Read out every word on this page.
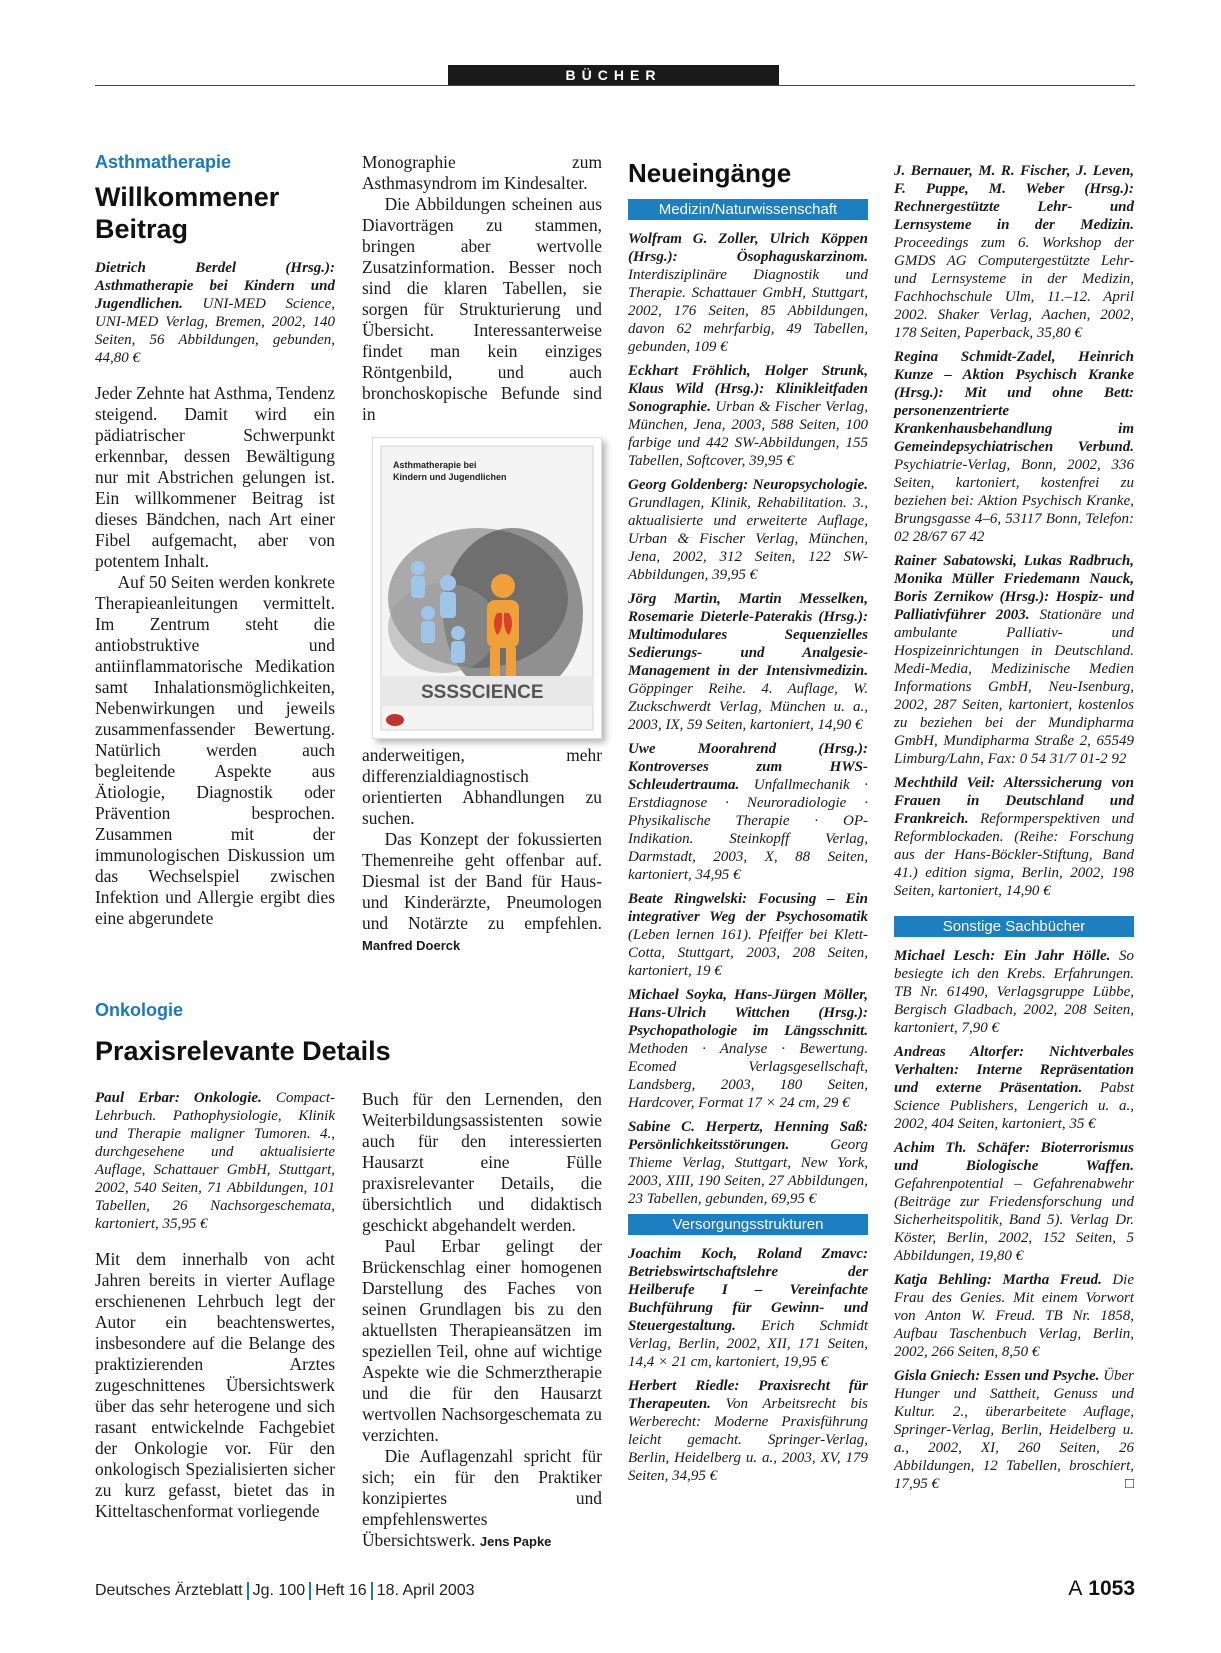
BÜCHER

Asthmatherapie

Willkommener Beitrag

Dietrich Berdel (Hrsg.): Asthmatherapie bei Kindern und Jugendlichen. UNI-MED Science, UNI-MED Verlag, Bremen, 2002, 140 Seiten, 56 Abbildungen, gebunden, 44,80 €

Jeder Zehnte hat Asthma, Tendenz steigend. Damit wird ein pädiatrischer Schwerpunkt erkennbar, dessen Bewältigung nur mit Abstrichen gelungen ist. Ein willkommener Beitrag ist dieses Bändchen, nach Art einer Fibel aufgemacht, aber von potentem Inhalt.

Auf 50 Seiten werden konkrete Therapieanleitungen vermittelt. Im Zentrum steht die antiobstruktive und antiinflammatorische Medikation samt Inhalationsmöglichkeiten, Nebenwirkungen und jeweils zusammenfassender Bewertung. Natürlich werden auch begleitende Aspekte aus Ätiologie, Diagnostik oder Prävention besprochen. Zusammen mit der immunologischen Diskussion um das Wechselspiel zwischen Infektion und Allergie ergibt dies eine abgerundete

Monographie zum Asthmasyndrom im Kindesalter.

Die Abbildungen scheinen aus Diavorträgen zu stammen, bringen aber wertvolle Zusatzinformation. Besser noch sind die klaren Tabellen, sie sorgen für Strukturierung und Übersicht. Interessanterweise findet man kein einziges Röntgenbild, und auch bronchoskopische Befunde sind in

Asthmatherapie bei Kindern und Jugendlichen
SSSSCIENCE

anderweitigen, mehr differenzialdiagnostisch orientierten Abhandlungen zu suchen.

Das Konzept der fokussierten Themenreihe geht offenbar auf. Diesmal ist der Band für Haus- und Kinderärzte, Pneumologen und Notärzte zu empfehlen. Manfred Doerck

Onkologie

Praxisrelevante Details

Paul Erbar: Onkologie. Compact-Lehrbuch. Pathophysiologie, Klinik und Therapie maligner Tumoren. 4., durchgesehene und aktualisierte Auflage, Schattauer GmbH, Stuttgart, 2002, 540 Seiten, 71 Abbildungen, 101 Tabellen, 26 Nachsorgeschemata, kartoniert, 35,95 €

Mit dem innerhalb von acht Jahren bereits in vierter Auflage erschienenen Lehrbuch legt der Autor ein beachtenswertes, insbesondere auf die Belange des praktizierenden Arztes zugeschnittenes Übersichtswerk über das sehr heterogene und sich rasant entwickelnde Fachgebiet der Onkologie vor. Für den onkologisch Spezialisierten sicher zu kurz gefasst, bietet das in Kitteltaschenformat vorliegende

Buch für den Lernenden, den Weiterbildungsassistenten sowie auch für den interessierten Hausarzt eine Fülle praxisrelevanter Details, die übersichtlich und didaktisch geschickt abgehandelt werden.

Paul Erbar gelingt der Brückenschlag einer homogenen Darstellung des Faches von seinen Grundlagen bis zu den aktuellsten Therapieansätzen im speziellen Teil, ohne auf wichtige Aspekte wie die Schmerztherapie und die für den Hausarzt wertvollen Nachsorgeschemata zu verzichten.

Die Auflagenzahl spricht für sich; ein für den Praktiker konzipiertes und empfehlenswertes Übersichtswerk. Jens Papke

Neueingänge
Medizin/Naturwissenschaft

Wolfram G. Zoller, Ulrich Köppen (Hrsg.): Ösophaguskarzinom. Interdisziplinäre Diagnostik und Therapie. Schattauer GmbH, Stuttgart, 2002, 176 Seiten, 85 Abbildungen, davon 62 mehrfarbig, 49 Tabellen, gebunden, 109 €

Eckhart Fröhlich, Holger Strunk, Klaus Wild (Hrsg.): Klinikleitfaden Sonographie. Urban & Fischer Verlag, München, Jena, 2003, 588 Seiten, 100 farbige und 442 SW-Abbildungen, 155 Tabellen, Softcover, 39,95 €

Georg Goldenberg: Neuropsychologie. Grundlagen, Klinik, Rehabilitation. 3., aktualisierte und erweiterte Auflage, Urban & Fischer Verlag, München, Jena, 2002, 312 Seiten, 122 SW-Abbildungen, 39,95 €

Jörg Martin, Martin Messelken, Rosemarie Dieterle-Paterakis (Hrsg.): Multimodulares Sequenzielles Sedierungs- und Analgesie-Management in der Intensivmedizin. Göppinger Reihe. 4. Auflage, W. Zuckschwerdt Verlag, München u. a., 2003, IX, 59 Seiten, kartoniert, 14,90 €

Uwe Moorahrend (Hrsg.): Kontroverses zum HWS-Schleudertrauma. Unfallmechanik · Erstdiagnose · Neuroradiologie · Physikalische Therapie · OP-Indikation. Steinkopff Verlag, Darmstadt, 2003, X, 88 Seiten, kartoniert, 34,95 €

Beate Ringwelski: Focusing – Ein integrativer Weg der Psychosomatik (Leben lernen 161). Pfeiffer bei Klett-Cotta, Stuttgart, 2003, 208 Seiten, kartoniert, 19 €

Michael Soyka, Hans-Jürgen Möller, Hans-Ulrich Wittchen (Hrsg.): Psychopathologie im Längsschnitt. Methoden · Analyse · Bewertung. Ecomed Verlagsgesellschaft, Landsberg, 2003, 180 Seiten, Hardcover, Format 17 × 24 cm, 29 €

Sabine C. Herpertz, Henning Saß: Persönlichkeitsstörungen. Georg Thieme Verlag, Stuttgart, New York, 2003, XIII, 190 Seiten, 27 Abbildungen, 23 Tabellen, gebunden, 69,95 €

Versorgungsstrukturen

Joachim Koch, Roland Zmavc: Betriebswirtschaftslehre der Heilberufe I – Vereinfachte Buchführung für Gewinn- und Steuergestaltung. Erich Schmidt Verlag, Berlin, 2002, XII, 171 Seiten, 14,4 × 21 cm, kartoniert, 19,95 €

Herbert Riedle: Praxisrecht für Therapeuten. Von Arbeitsrecht bis Werberecht: Moderne Praxisführung leicht gemacht. Springer-Verlag, Berlin, Heidelberg u. a., 2003, XV, 179 Seiten, 34,95 €

J. Bernauer, M. R. Fischer, J. Leven, F. Puppe, M. Weber (Hrsg.): Rechnergestützte Lehr- und Lernsysteme in der Medizin. Proceedings zum 6. Workshop der GMDS AG Computergestützte Lehr- und Lernsysteme in der Medizin, Fachhochschule Ulm, 11.–12. April 2002. Shaker Verlag, Aachen, 2002, 178 Seiten, Paperback, 35,80 €

Regina Schmidt-Zadel, Heinrich Kunze – Aktion Psychisch Kranke (Hrsg.): Mit und ohne Bett: personenzentrierte Krankenhausbehandlung im Gemeindepsychiatrischen Verbund. Psychiatrie-Verlag, Bonn, 2002, 336 Seiten, kartoniert, kostenfrei zu beziehen bei: Aktion Psychisch Kranke, Brungsgasse 4–6, 53117 Bonn, Telefon: 02 28/67 67 42

Rainer Sabatowski, Lukas Radbruch, Monika Müller Friedemann Nauck, Boris Zernikow (Hrsg.): Hospiz- und Palliativführer 2003. Stationäre und ambulante Palliativ- und Hospizeinrichtungen in Deutschland. Medi-Media, Medizinische Medien Informations GmbH, Neu-Isenburg, 2002, 287 Seiten, kartoniert, kostenlos zu beziehen bei der Mundipharma GmbH, Mundipharma Straße 2, 65549 Limburg/Lahn, Fax: 0 54 31/7 01-2 92

Mechthild Veil: Alterssicherung von Frauen in Deutschland und Frankreich. Reformperspektiven und Reformblockaden. (Reihe: Forschung aus der Hans-Böckler-Stiftung, Band 41.) edition sigma, Berlin, 2002, 198 Seiten, kartoniert, 14,90 €

Sonstige Sachbücher

Michael Lesch: Ein Jahr Hölle. So besiegte ich den Krebs. Erfahrungen. TB Nr. 61490, Verlagsgruppe Lübbe, Bergisch Gladbach, 2002, 208 Seiten, kartoniert, 7,90 €

Andreas Altorfer: Nichtverbales Verhalten: Interne Repräsentation und externe Präsentation. Pabst Science Publishers, Lengerich u. a., 2002, 404 Seiten, kartoniert, 35 €

Achim Th. Schäfer: Bioterrorismus und Biologische Waffen. Gefahrenpotential – Gefahrenabwehr (Beiträge zur Friedensforschung und Sicherheitspolitik, Band 5). Verlag Dr. Köster, Berlin, 2002, 152 Seiten, 5 Abbildungen, 19,80 €

Katja Behling: Martha Freud. Die Frau des Genies. Mit einem Vorwort von Anton W. Freud. TB Nr. 1858, Aufbau Taschenbuch Verlag, Berlin, 2002, 266 Seiten, 8,50 €

Gisla Gniech: Essen und Psyche. Über Hunger und Sattheit, Genuss und Kultur. 2., überarbeitete Auflage, Springer-Verlag, Berlin, Heidelberg u. a., 2002, XI, 260 Seiten, 26 Abbildungen, 12 Tabellen, broschiert, 17,95 €	□

Deutsches Ärzteblatt Jg. 100 Heft 16 18. April 2003	A 1053
